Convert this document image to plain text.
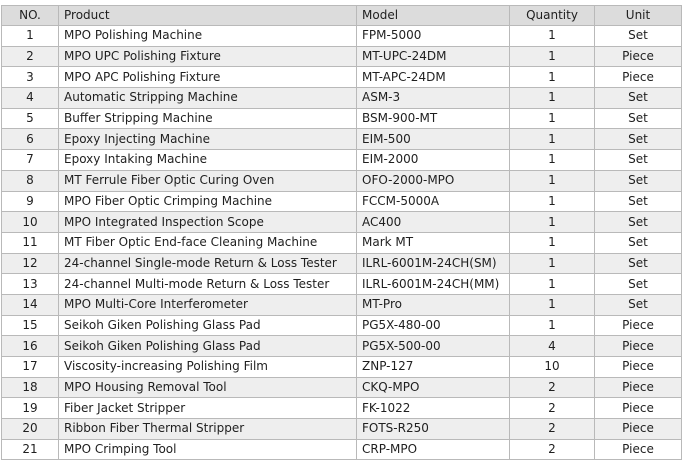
NO.	Product	Model	Quantity	Unit
1	MPO Polishing Machine	FPM-5000	1	Set
2	MPO UPC Polishing Fixture	MT-UPC-24DM	1	Piece
3	MPO APC Polishing Fixture	MT-APC-24DM	1	Piece
4	Automatic Stripping Machine	ASM-3	1	Set
5	Buffer Stripping Machine	BSM-900-MT	1	Set
6	Epoxy Injecting Machine	EIM-500	1	Set
7	Epoxy Intaking Machine	EIM-2000	1	Set
8	MT Ferrule Fiber Optic Curing Oven	OFO-2000-MPO	1	Set
9	MPO Fiber Optic Crimping Machine	FCCM-5000A	1	Set
10	MPO Integrated Inspection Scope	AC400	1	Set
11	MT Fiber Optic End-face Cleaning Machine	Mark MT	1	Set
12	24-channel Single-mode Return & Loss Tester	ILRL-6001M-24CH(SM)	1	Set
13	24-channel Multi-mode Return & Loss Tester	ILRL-6001M-24CH(MM)	1	Set
14	MPO Multi-Core Interferometer	MT-Pro	1	Set
15	Seikoh Giken Polishing Glass Pad	PG5X-480-00	1	Piece
16	Seikoh Giken Polishing Glass Pad	PG5X-500-00	4	Piece
17	Viscosity-increasing Polishing Film	ZNP-127	10	Piece
18	MPO Housing Removal Tool	CKQ-MPO	2	Piece
19	Fiber Jacket Stripper	FK-1022	2	Piece
20	Ribbon Fiber Thermal Stripper	FOTS-R250	2	Piece
21	MPO Crimping Tool	CRP-MPO	2	Piece
